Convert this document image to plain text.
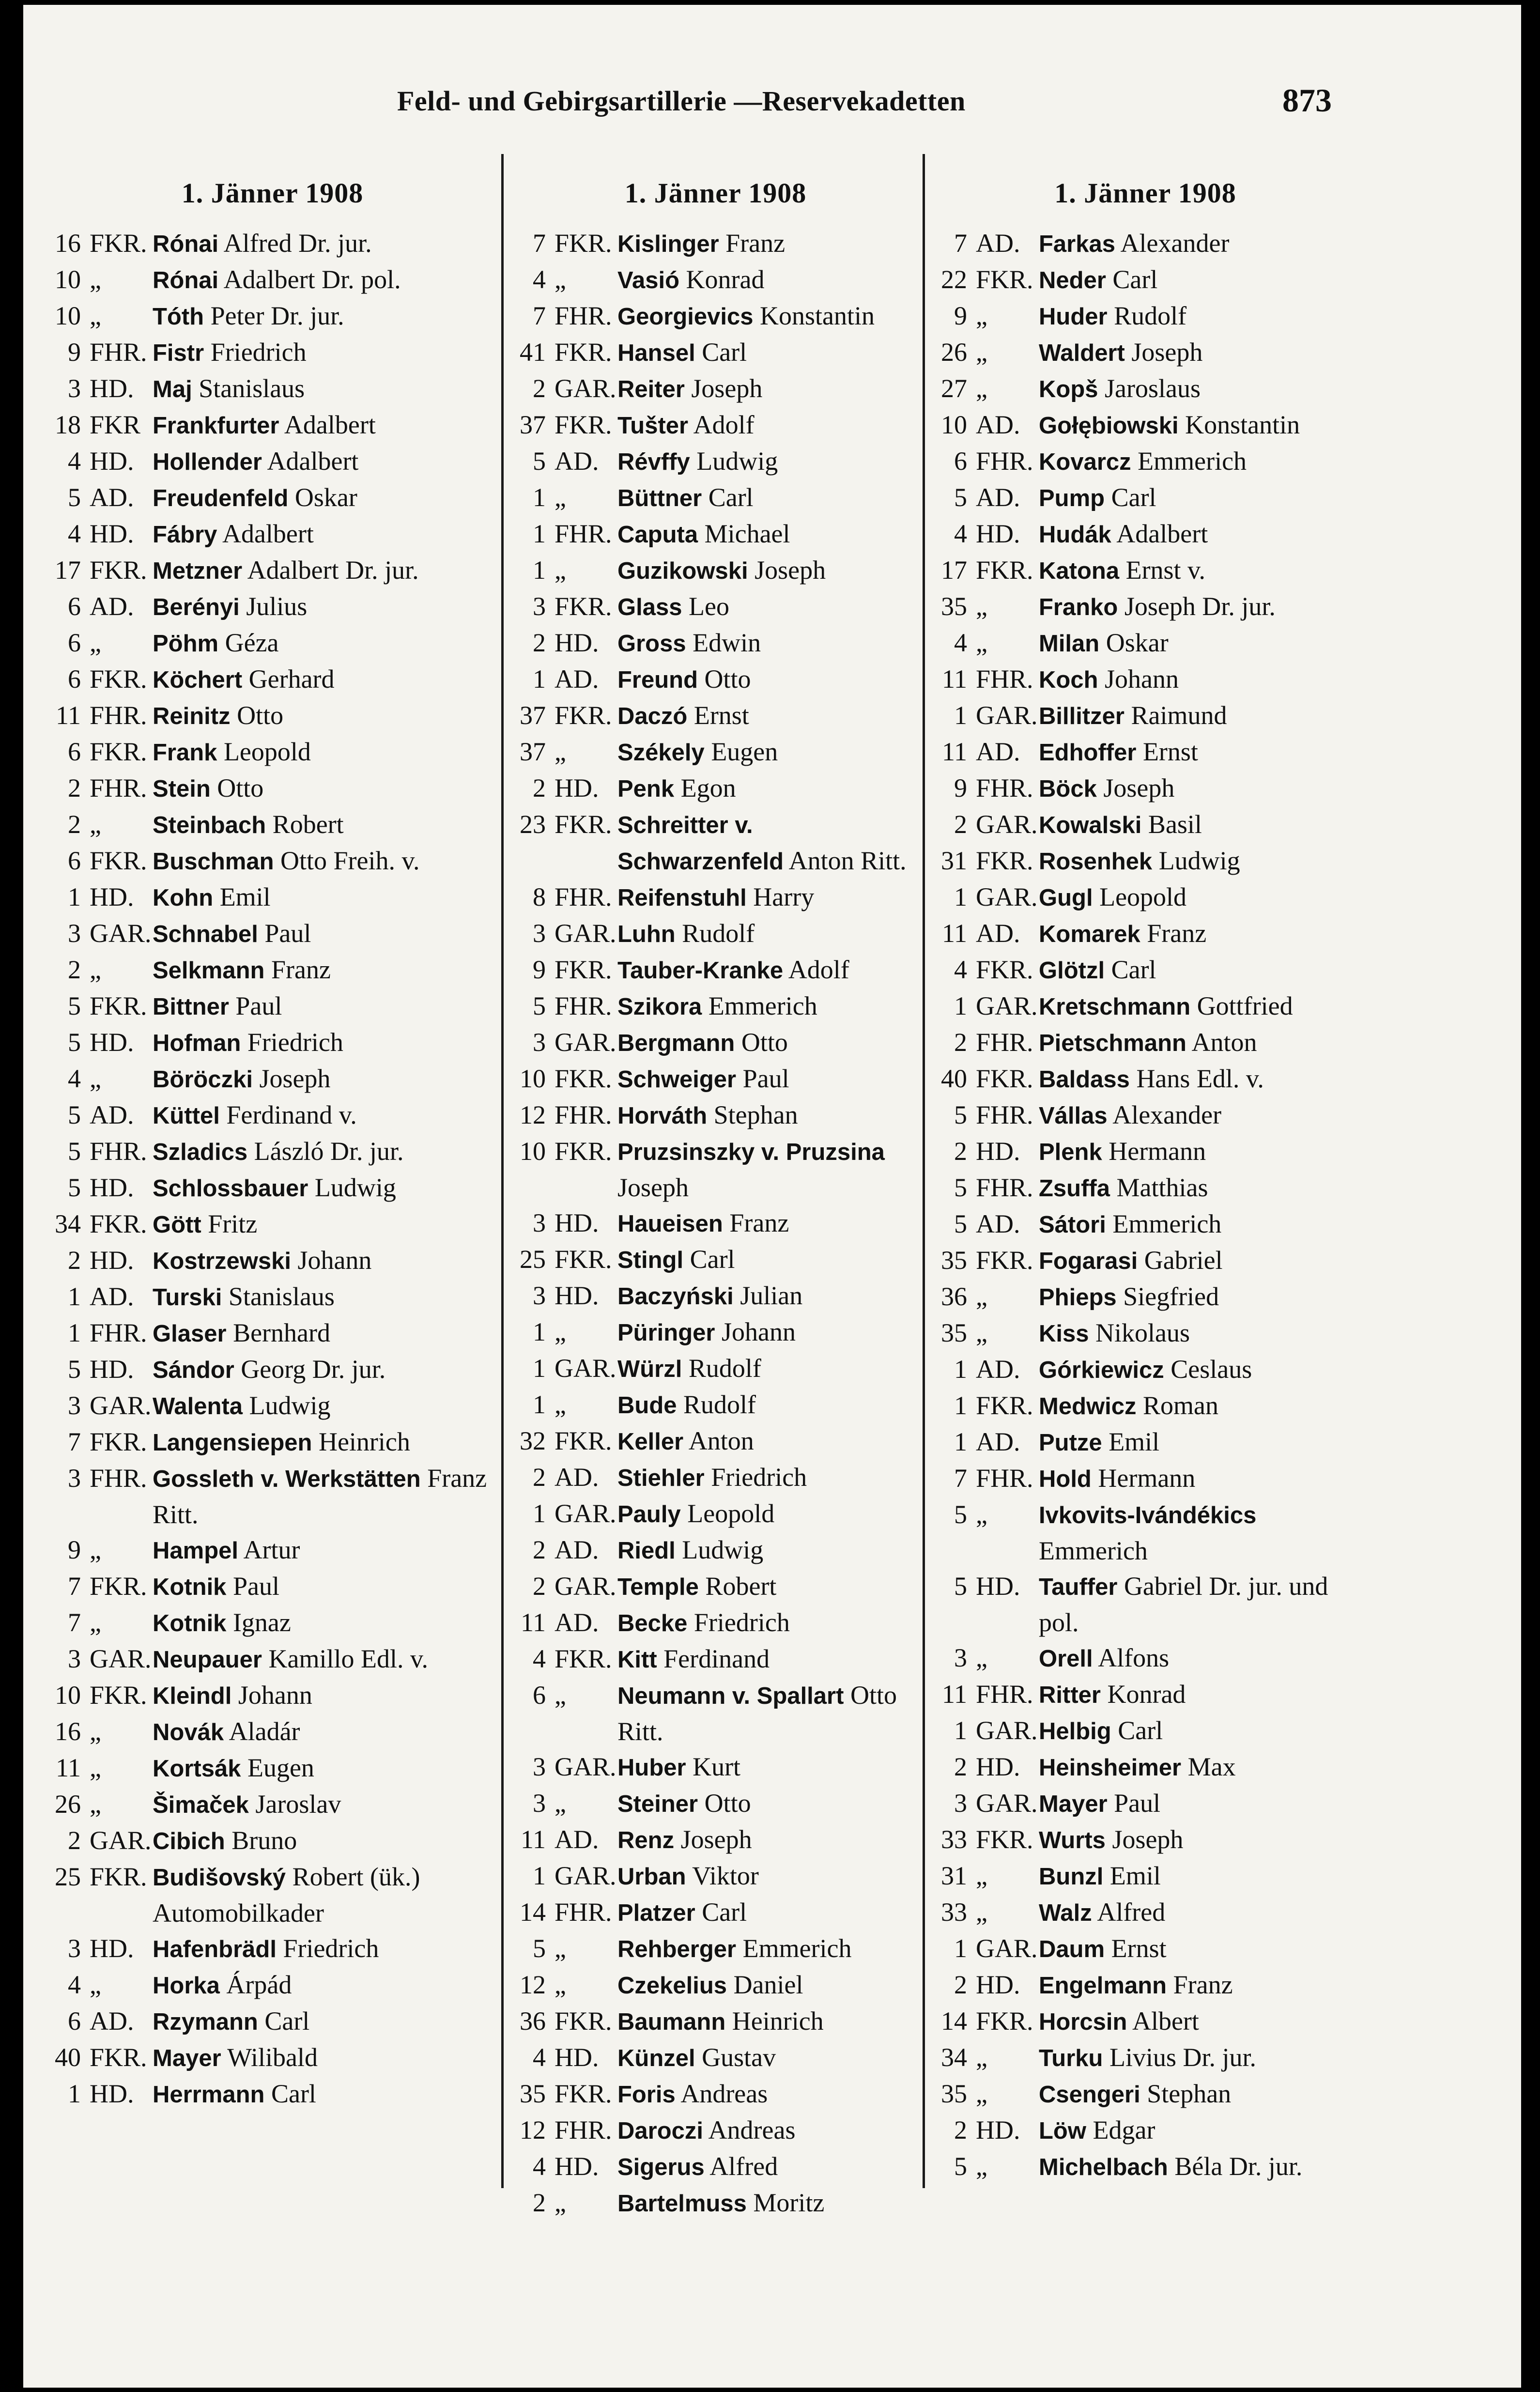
Feld- und Gebirgsartillerie —Reservekadetten	873
1. Jänner 1908
16 FKR. Rónai Alfred Dr. jur.
10 „	Rónai Adalbert Dr. pol.
10 „	Tóth Peter Dr. jur.
9 FHR. Fistr Friedrich
3 HD. Maj Stanislaus
18 FKR Frankfurter Adalbert
4 HD. Hollender Adalbert
5 AD. Freudenfeld Oskar
4 HD. Fábry Adalbert
17 FKR. Metzner Adalbert Dr. jur.
6 AD. Berényi Julius
6 „	Pöhm Géza
6 FKR. Köchert Gerhard
11 FHR. Reinitz Otto
6 FKR. Frank Leopold
2 FHR. Stein Otto
2 „	Steinbach Robert
6 FKR. Buschman Otto Freih. v.
1 HD. Kohn Emil
3 GAR. Schnabel Paul
2 „	Selkmann Franz
5 FKR. Bittner Paul
5 HD. Hofman Friedrich
4 „	Böröczki Joseph
5 AD. Küttel Ferdinand v.
5 FHR. Szladics László Dr. jur.
5 HD. Schlossbauer Ludwig
34 FKR. Gött Fritz
2 HD. Kostrzewski Johann
1 AD. Turski Stanislaus
1 FHR. Glaser Bernhard
5 HD. Sándor Georg Dr. jur.
3 GAR. Walenta Ludwig
7 FKR. Langensiepen Heinrich
3 FHR. Gossleth v. Werkstätten Franz Ritt.
9 „	Hampel Artur
7 FKR. Kotnik Paul
7 „	Kotnik Ignaz
3 GAR. Neupauer Kamillo Edl. v.
10 FKR. Kleindl Johann
16 „	Novák Aladár
11 „	Kortsák Eugen
26 „	Šimaček Jaroslav
2 GAR. Cibich Bruno
25 FKR. Budišovský Robert (ük.) Automobilkader
3 HD. Hafenbrädl Friedrich
4 „	Horka Árpád
6 AD. Rzymann Carl
40 FKR. Mayer Wilibald
1 HD. Herrmann Carl
1. Jänner 1908
7 FKR. Kislinger Franz
4 „	Vasió Konrad
7 FHR. Georgievics Konstantin
41 FKR. Hansel Carl
2 GAR. Reiter Joseph
37 FKR. Tušter Adolf
5 AD. Révffy Ludwig
1 „	Büttner Carl
1 FHR. Caputa Michael
1 „	Guzikowski Joseph
3 FKR. Glass Leo
2 HD. Gross Edwin
1 AD. Freund Otto
37 FKR. Daczó Ernst
37 „	Székely Eugen
2 HD. Penk Egon
23 FKR. Schreitter v. Schwarzenfeld Anton Ritt.
8 FHR. Reifenstuhl Harry
3 GAR. Luhn Rudolf
9 FKR. Tauber-Kranke Adolf
5 FHR. Szikora Emmerich
3 GAR. Bergmann Otto
10 FKR. Schweiger Paul
12 FHR. Horváth Stephan
10 FKR. Pruzsinszky v. Pruzsina Joseph
3 HD. Haueisen Franz
25 FKR. Stingl Carl
3 HD. Baczyński Julian
1 „	Püringer Johann
1 GAR. Würzl Rudolf
1 „	Bude Rudolf
32 FKR. Keller Anton
2 AD. Stiehler Friedrich
1 GAR. Pauly Leopold
2 AD. Riedl Ludwig
2 GAR. Temple Robert
11 AD. Becke Friedrich
4 FKR. Kitt Ferdinand
6 „	Neumann v. Spallart Otto Ritt.
3 GAR. Huber Kurt
3 „	Steiner Otto
11 AD. Renz Joseph
1 GAR. Urban Viktor
14 FHR. Platzer Carl
5 „	Rehberger Emmerich
12 „	Czekelius Daniel
36 FKR. Baumann Heinrich
4 HD. Künzel Gustav
35 FKR. Foris Andreas
12 FHR. Daroczi Andreas
4 HD. Sigerus Alfred
2 „	Bartelmuss Moritz
1. Jänner 1908
7 AD. Farkas Alexander
22 FKR. Neder Carl
9 „	Huder Rudolf
26 „	Waldert Joseph
27 „	Kopš Jaroslaus
10 AD. Gołębiowski Konstantin
6 FHR. Kovarcz Emmerich
5 AD. Pump Carl
4 HD. Hudák Adalbert
17 FKR. Katona Ernst v.
35 „	Franko Joseph Dr. jur.
4 „	Milan Oskar
11 FHR. Koch Johann
1 GAR. Billitzer Raimund
11 AD. Edhoffer Ernst
9 FHR. Böck Joseph
2 GAR. Kowalski Basil
31 FKR. Rosenhek Ludwig
1 GAR. Gugl Leopold
11 AD. Komarek Franz
4 FKR. Glötzl Carl
1 GAR. Kretschmann Gottfried
2 FHR. Pietschmann Anton
40 FKR. Baldass Hans Edl. v.
5 FHR. Vállas Alexander
2 HD. Plenk Hermann
5 FHR. Zsuffa Matthias
5 AD. Sátori Emmerich
35 FKR. Fogarasi Gabriel
36 „	Phieps Siegfried
35 „	Kiss Nikolaus
1 AD. Górkiewicz Ceslaus
1 FKR. Medwicz Roman
1 AD. Putze Emil
7 FHR. Hold Hermann
5 „	Ivkovits-Ivándékics Emmerich
5 HD. Tauffer Gabriel Dr. jur. und pol.
3 „	Orell Alfons
11 FHR. Ritter Konrad
1 GAR. Helbig Carl
2 HD. Heinsheimer Max
3 GAR. Mayer Paul
33 FKR. Wurts Joseph
31 „	Bunzl Emil
33 „	Walz Alfred
1 GAR. Daum Ernst
2 HD. Engelmann Franz
14 FKR. Horcsin Albert
34 „	Turku Livius Dr. jur.
35 „	Csengeri Stephan
2 HD. Löw Edgar
5 „	Michelbach Béla Dr. jur.
